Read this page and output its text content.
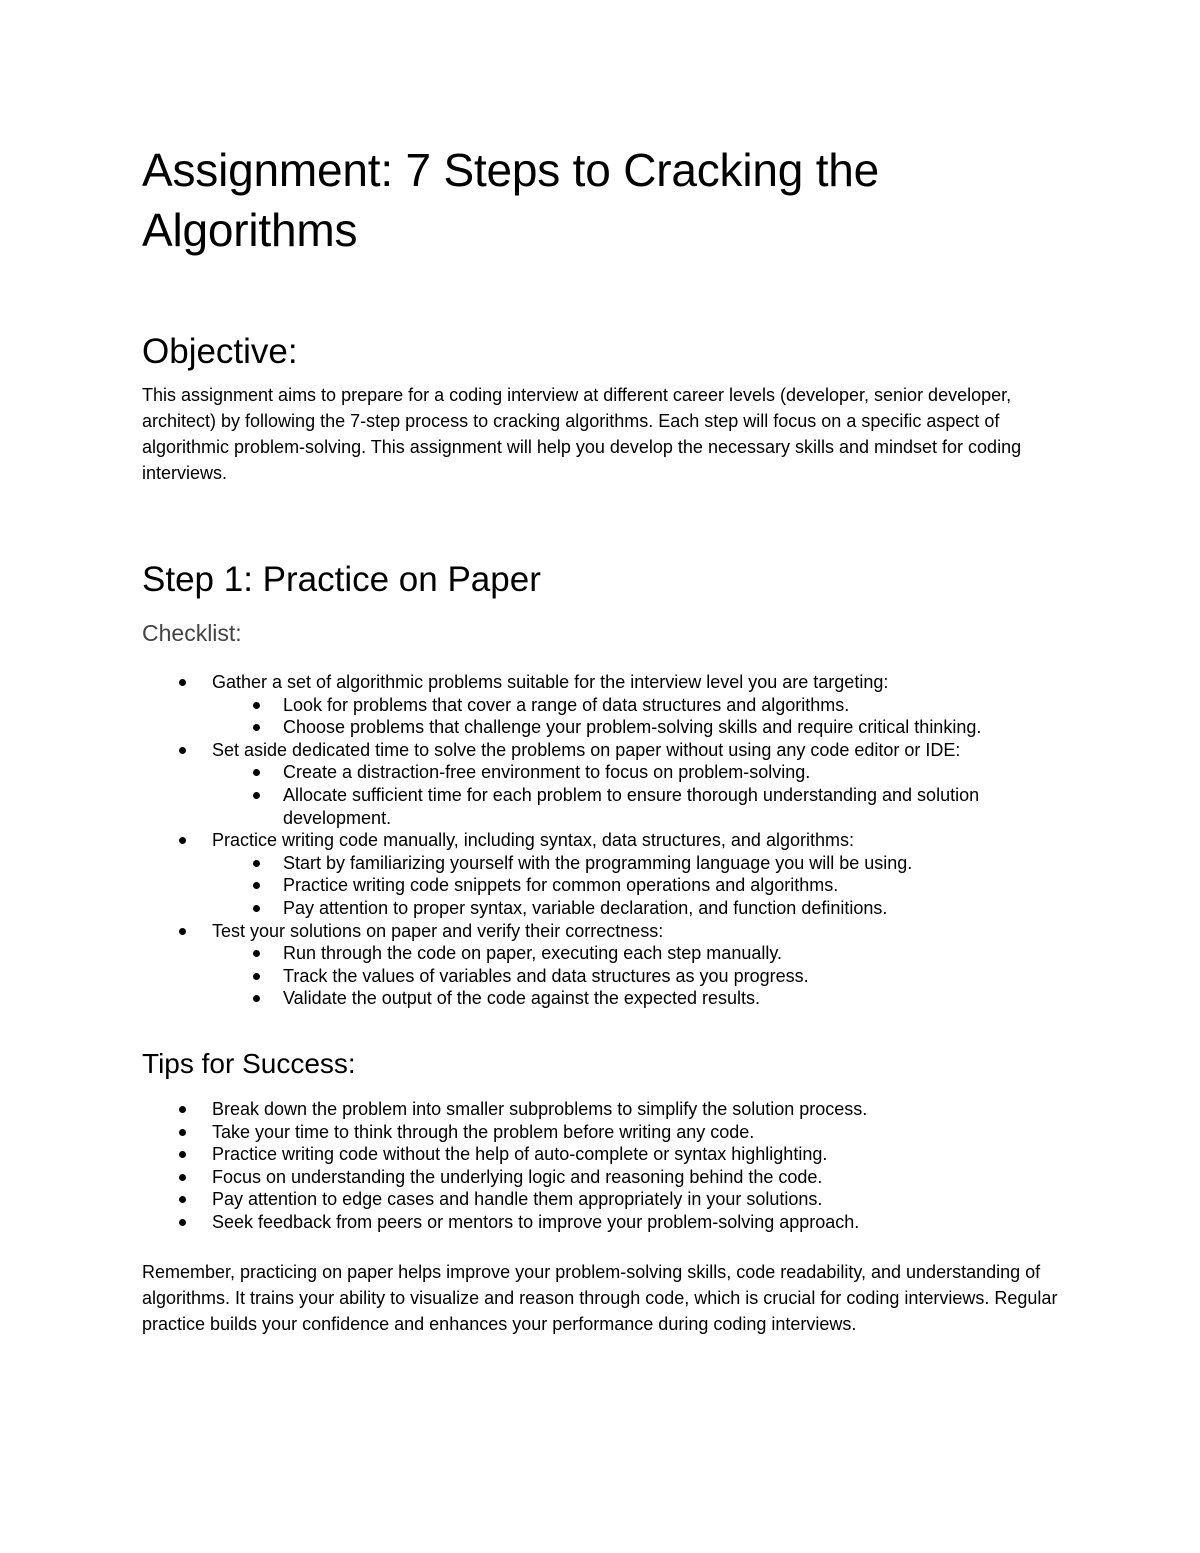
Assignment: 7 Steps to Cracking the Algorithms
Objective:

This assignment aims to prepare for a coding interview at different career levels (developer, senior developer, architect) by following the 7-step process to cracking algorithms. Each step will focus on a specific aspect of algorithmic problem-solving. This assignment will help you develop the necessary skills and mindset for coding interviews.

Step 1: Practice on Paper
Checklist:
Gather a set of algorithmic problems suitable for the interview level you are targeting:
Look for problems that cover a range of data structures and algorithms.
Choose problems that challenge your problem-solving skills and require critical thinking.
Set aside dedicated time to solve the problems on paper without using any code editor or IDE:
Create a distraction-free environment to focus on problem-solving.
Allocate sufficient time for each problem to ensure thorough understanding and solution development.
Practice writing code manually, including syntax, data structures, and algorithms:
Start by familiarizing yourself with the programming language you will be using.
Practice writing code snippets for common operations and algorithms.
Pay attention to proper syntax, variable declaration, and function definitions.
Test your solutions on paper and verify their correctness:
Run through the code on paper, executing each step manually.
Track the values of variables and data structures as you progress.
Validate the output of the code against the expected results.
Tips for Success:
Break down the problem into smaller subproblems to simplify the solution process.
Take your time to think through the problem before writing any code.
Practice writing code without the help of auto-complete or syntax highlighting.
Focus on understanding the underlying logic and reasoning behind the code.
Pay attention to edge cases and handle them appropriately in your solutions.
Seek feedback from peers or mentors to improve your problem-solving approach.

Remember, practicing on paper helps improve your problem-solving skills, code readability, and understanding of algorithms. It trains your ability to visualize and reason through code, which is crucial for coding interviews. Regular practice builds your confidence and enhances your performance during coding interviews.
